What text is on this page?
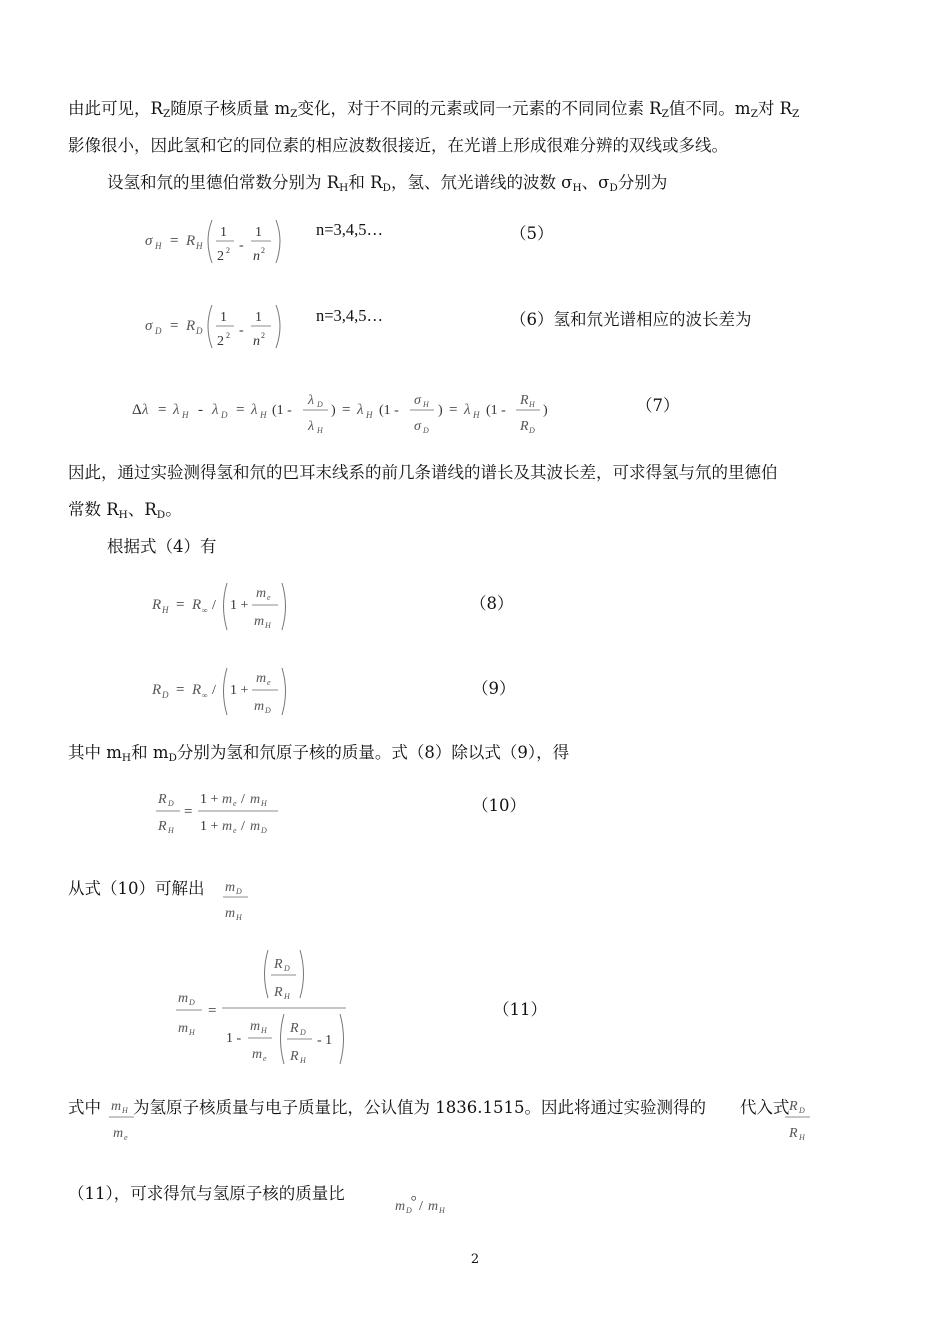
由此可见，$R_Z$随原子核质量 $m_Z$变化，对于不同的元素或同一元素的不同同位素 $R_Z$值不同。$m_Z$对 $R_Z$
影像很小，因此氢和它的同位素的相应波数很接近，在光谱上形成很难分辨的双线或多线。
设氢和氘的里德伯常数分别为 $R_H$和 $R_D$，氢、氘光谱线的波数 $\sigma_H$、$\sigma_D$分别为
σ H = R H
1
2 2 -
1
n 2
n=3,4,5…	（5）
σ D = R D
1
2 2 -
1
n 2
n=3,4,5…	（6）氢和氘光谱相应的波长差为
Δ λ = λ H - λ D = λ H (1 -
λ D
λ H
) = λ H (1 -
σ H
σ D
) = λ H (1 -
R H
R D
)	（7）
因此，通过实验测得氢和氘的巴耳末线系的前几条谱线的谱长及其波长差，可求得氢与氘的里德伯
常数 $R_H$、$R_D$。
根据式（4）有
R H = R ∞ / 1 +
m e
m H
（8）
R D = R ∞ / 1 +
m e
m D
（9）
其中 $m_H$和 $m_D$分别为氢和氘原子核的质量。式（8）除以式（9），得
R D
R H
=
1 + m e / m H
1 + m e / m D
（10）
从式（10）可解出	m D
m H
m D
m H
=
R D
R H
1 -
m H
m e
R D
R H
- 1
（11）
式中 为氢原子核质量与电子质量比，公认值为 1836.1515。因此将通过实验测得的 代入式
m H
m e
R D
R H
（11），可求得氘与氢原子核的质量比	。
m D / m H
2
